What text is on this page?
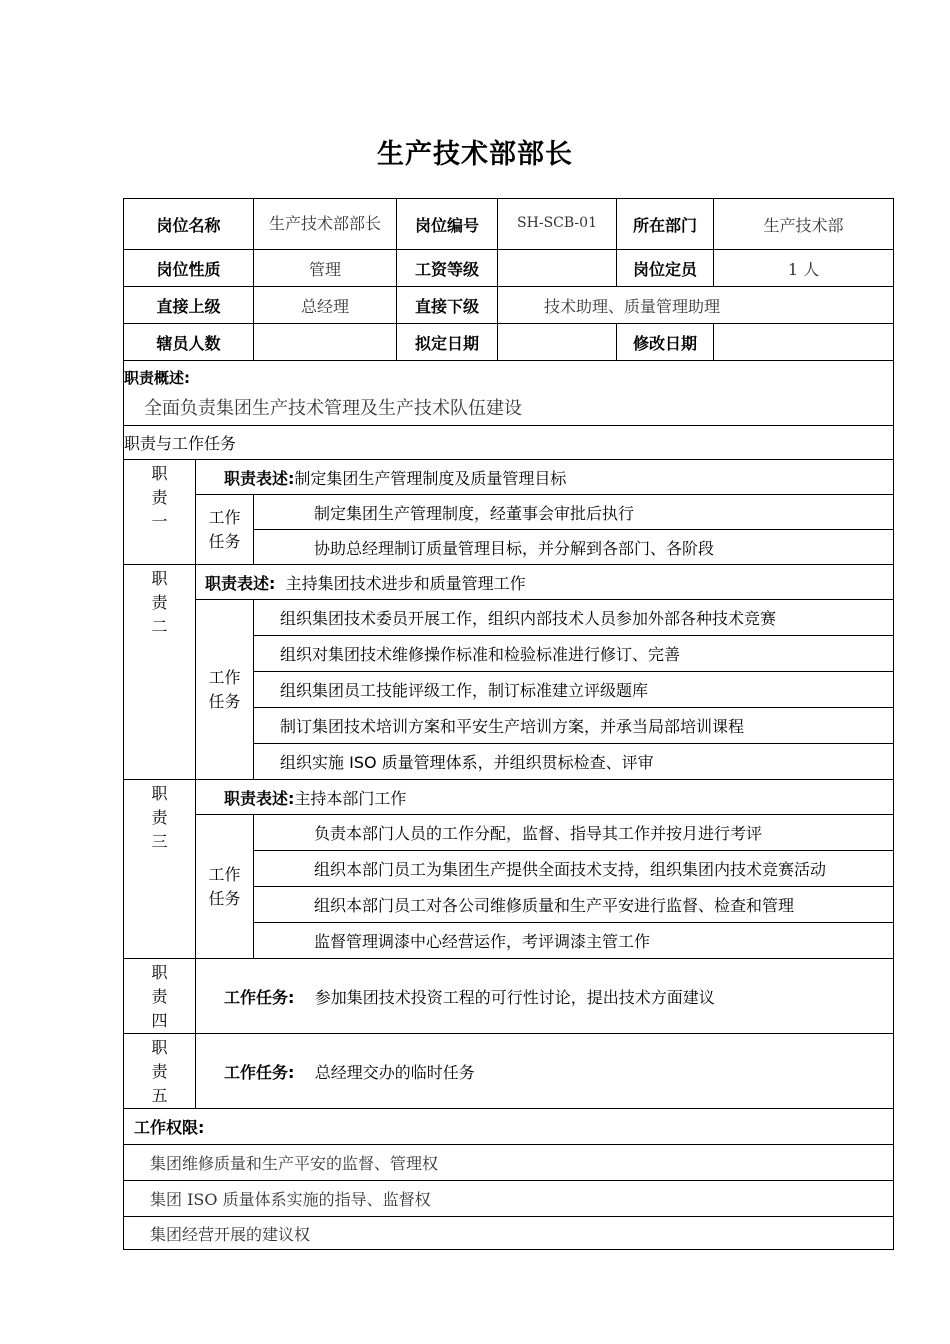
生产技术部部长
岗位名称		生产技术部部长	岗位编号	SH-SCB-01	所在部门	生产技术部
岗位性质		管理	工资等级		岗位定员	1 人
直接上级		总经理	直接下级	技术助理、质量管理助理		
辖员人数			拟定日期		修改日期	

职责概述:
全面负责集团生产技术管理及生产技术队伍建设						

职责与工作任务						

职责一	职责表述:制定集团生产管理制度及质量管理目标					

	工作任务	制定集团生产管理制度，经董事会审批后执行				
		协助总经理制订质量管理目标，并分解到各部门、各阶段				

职责二	职责表述: 主持集团技术进步和质量管理工作					

	工作任务	组织集团技术委员开展工作，组织内部技术人员参加外部各种技术竞赛				
		组织对集团技术维修操作标准和检验标准进行修订、完善				
		组织集团员工技能评级工作，制订标准建立评级题库				
		制订集团技术培训方案和平安生产培训方案，并承当局部培训课程				
		组织实施 ISO 质量管理体系，并组织贯标检查、评审				

职责三	职责表述:主持本部门工作					

	工作任务	负责本部门人员的工作分配，监督、指导其工作并按月进行考评				
		组织本部门员工为集团生产提供全面技术支持，组织集团内技术竞赛活动				
		组织本部门员工对各公司维修质量和生产平安进行监督、检查和管理				
		监督管理调漆中心经营运作，考评调漆主管工作				

职责四	工作任务: 参加集团技术投资工程的可行性讨论，提出技术方面建议					

职责五	工作任务: 总经理交办的临时任务					
工作权限:						
集团维修质量和生产平安的监督、管理权						
集团 ISO 质量体系实施的指导、监督权						
集团经营开展的建议权						
